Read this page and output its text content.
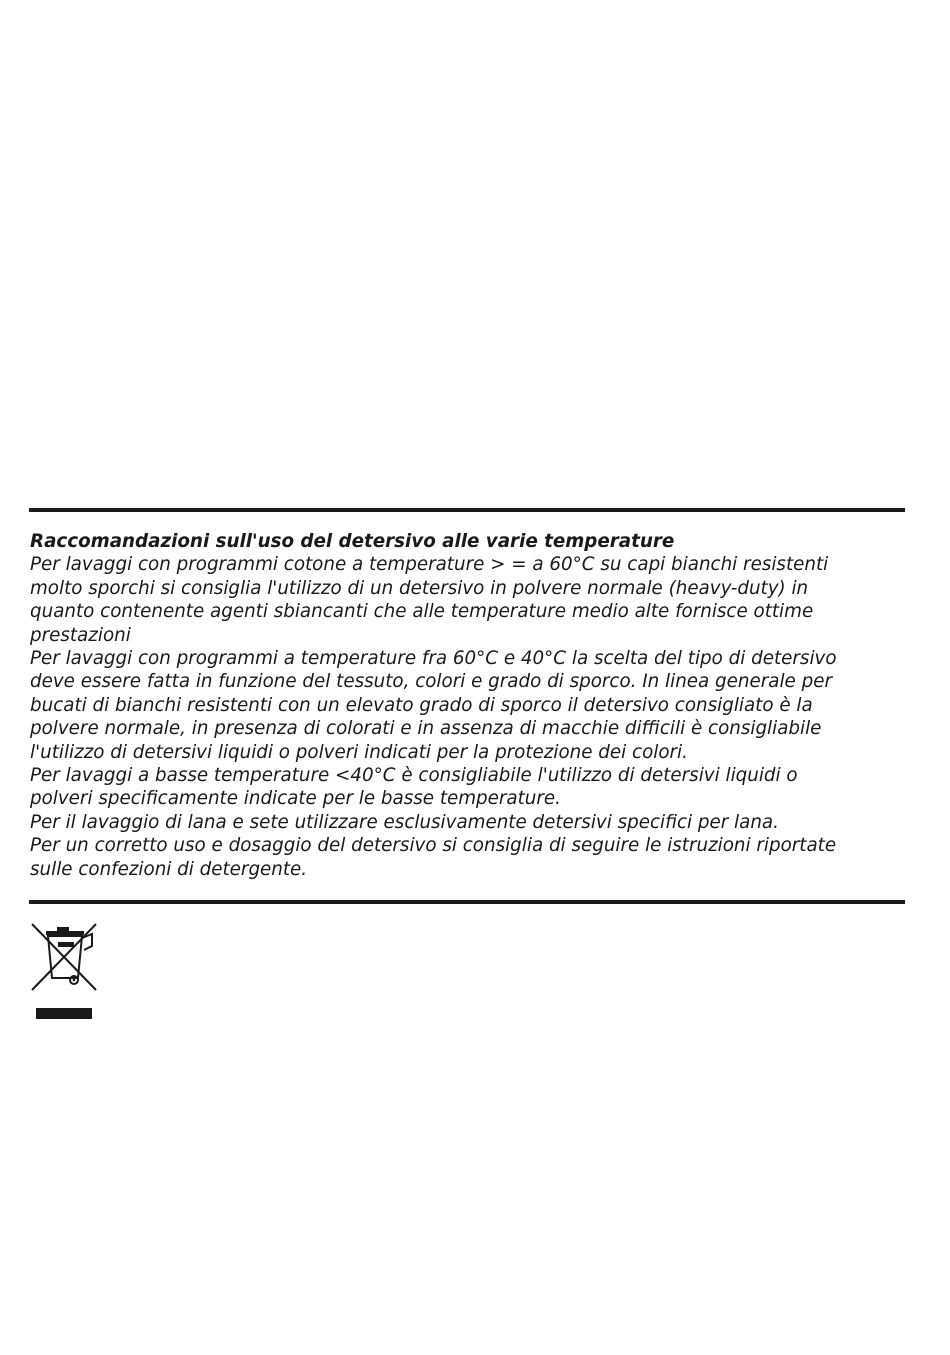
Raccomandazioni sull'uso del detersivo alle varie temperature
Per lavaggi con programmi cotone a temperature > = a 60°C su capi bianchi resistenti
molto sporchi si consiglia l'utilizzo di un detersivo in polvere normale (heavy-duty) in
quanto contenente agenti sbiancanti che alle temperature medio alte fornisce ottime
prestazioni
Per lavaggi con programmi a temperature fra 60°C e 40°C la scelta del tipo di detersivo
deve essere fatta in funzione del tessuto, colori e grado di sporco. In linea generale per
bucati di bianchi resistenti con un elevato grado di sporco il detersivo consigliato è la
polvere normale, in presenza di colorati e in assenza di macchie difficili è consigliabile
l'utilizzo di detersivi liquidi o polveri indicati per la protezione dei colori.
Per lavaggi a basse temperature <40°C è consigliabile l'utilizzo di detersivi liquidi o
polveri specificamente indicate per le basse temperature.
Per il lavaggio di lana e sete utilizzare esclusivamente detersivi specifici per lana.
Per un corretto uso e dosaggio del detersivo si consiglia di seguire le istruzioni riportate
sulle confezioni di detergente.
